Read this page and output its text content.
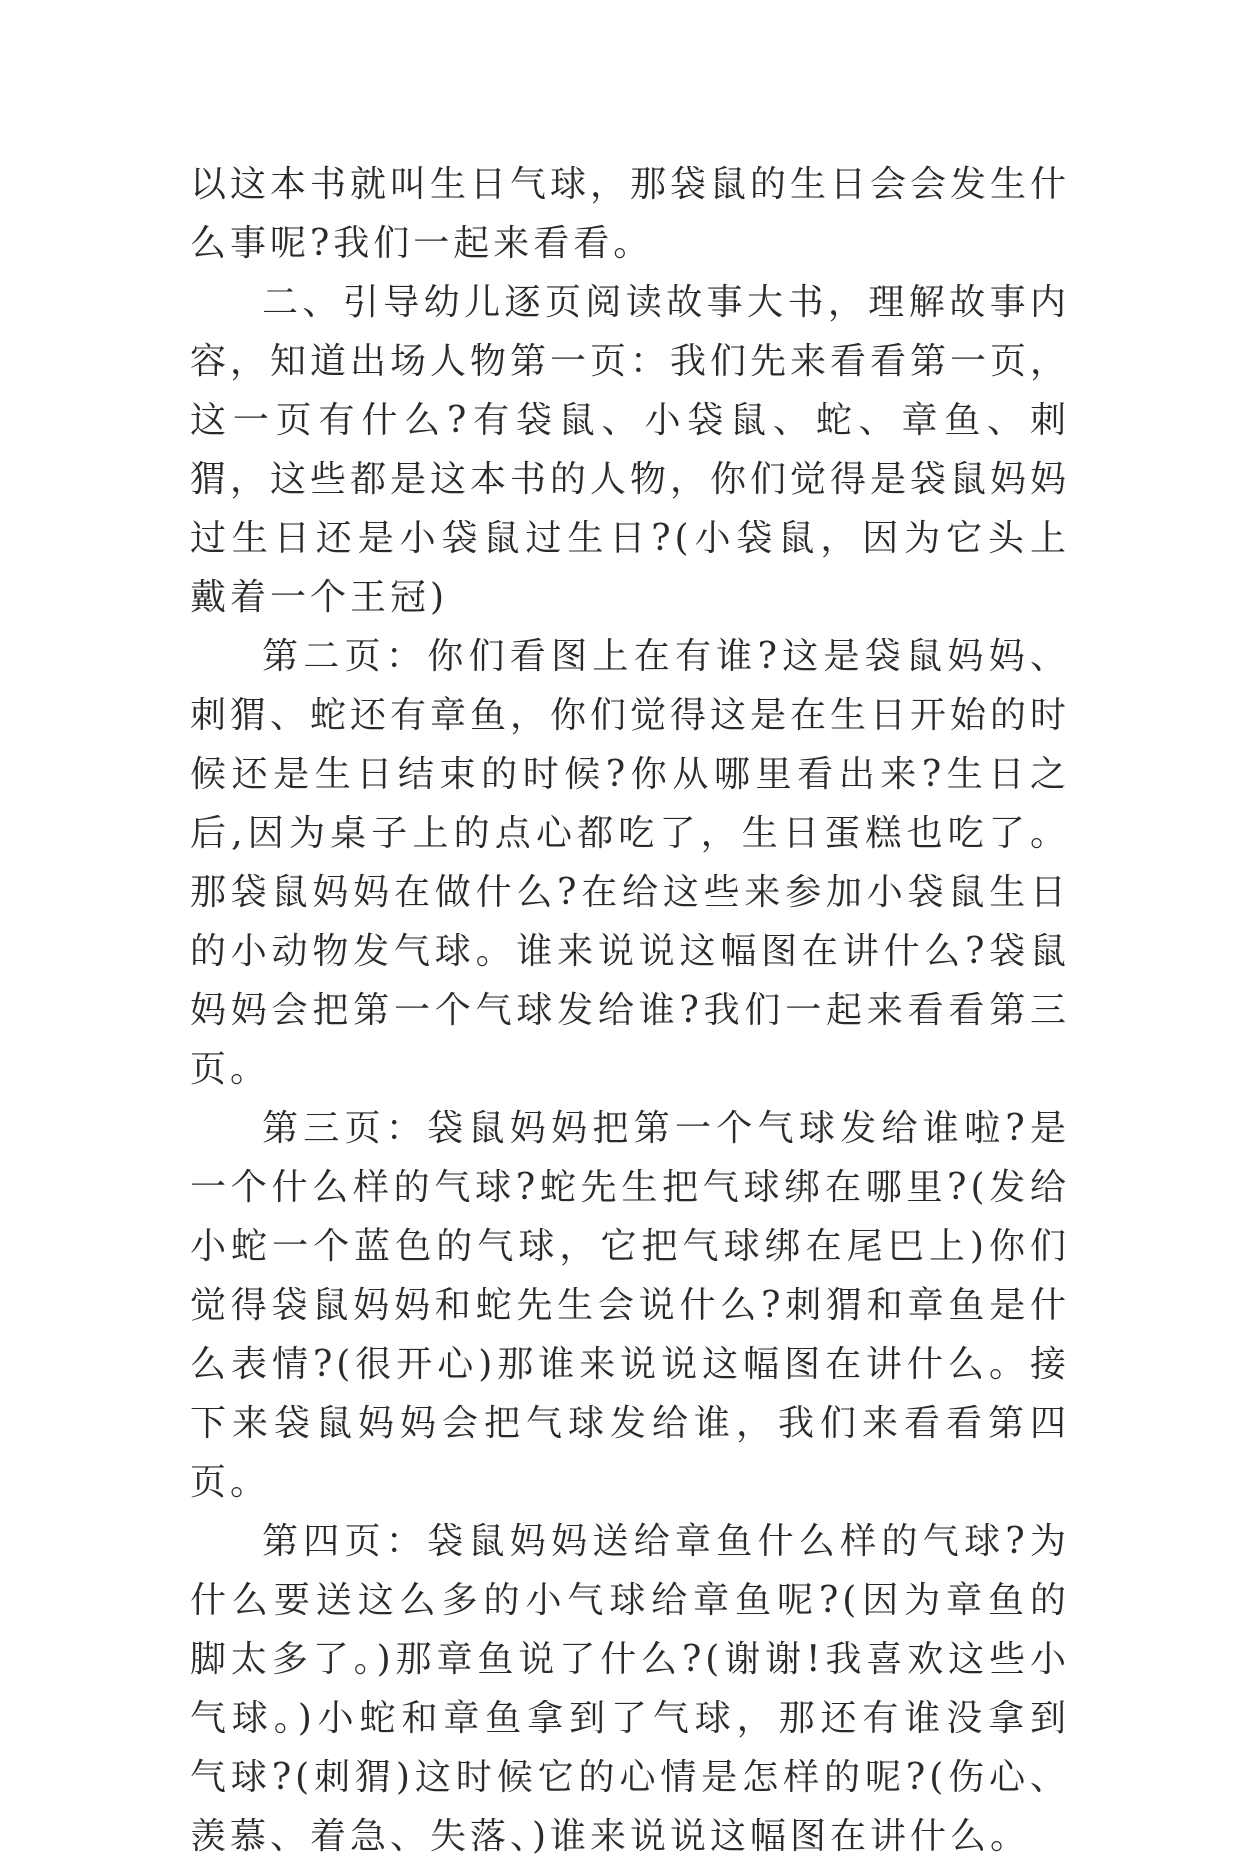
以这本书就叫生日气球，那袋鼠的生日会会发生什么事呢?我们一起来看看。

二、引导幼儿逐页阅读故事大书，理解故事内容，知道出场人物第一页：我们先来看看第一页，这一页有什么?有袋鼠、小袋鼠、蛇、章鱼、刺猬，这些都是这本书的人物，你们觉得是袋鼠妈妈过生日还是小袋鼠过生日?(小袋鼠，因为它头上戴着一个王冠)

第二页：你们看图上在有谁?这是袋鼠妈妈、刺猬、蛇还有章鱼，你们觉得这是在生日开始的时候还是生日结束的时候?你从哪里看出来?生日之后,因为桌子上的点心都吃了，生日蛋糕也吃了。那袋鼠妈妈在做什么?在给这些来参加小袋鼠生日的小动物发气球。谁来说说这幅图在讲什么?袋鼠妈妈会把第一个气球发给谁?我们一起来看看第三页。

第三页：袋鼠妈妈把第一个气球发给谁啦?是一个什么样的气球?蛇先生把气球绑在哪里?(发给小蛇一个蓝色的气球，它把气球绑在尾巴上)你们觉得袋鼠妈妈和蛇先生会说什么?刺猬和章鱼是什么表情?(很开心)那谁来说说这幅图在讲什么。接下来袋鼠妈妈会把气球发给谁，我们来看看第四页。

第四页：袋鼠妈妈送给章鱼什么样的气球?为什么要送这么多的小气球给章鱼呢?(因为章鱼的脚太多了。)那章鱼说了什么?(谢谢!我喜欢这些小气球。)小蛇和章鱼拿到了气球，那还有谁没拿到气球?(刺猬)这时候它的心情是怎样的呢?(伤心、羡慕、着急、失落、)谁来说说这幅图在讲什么。
